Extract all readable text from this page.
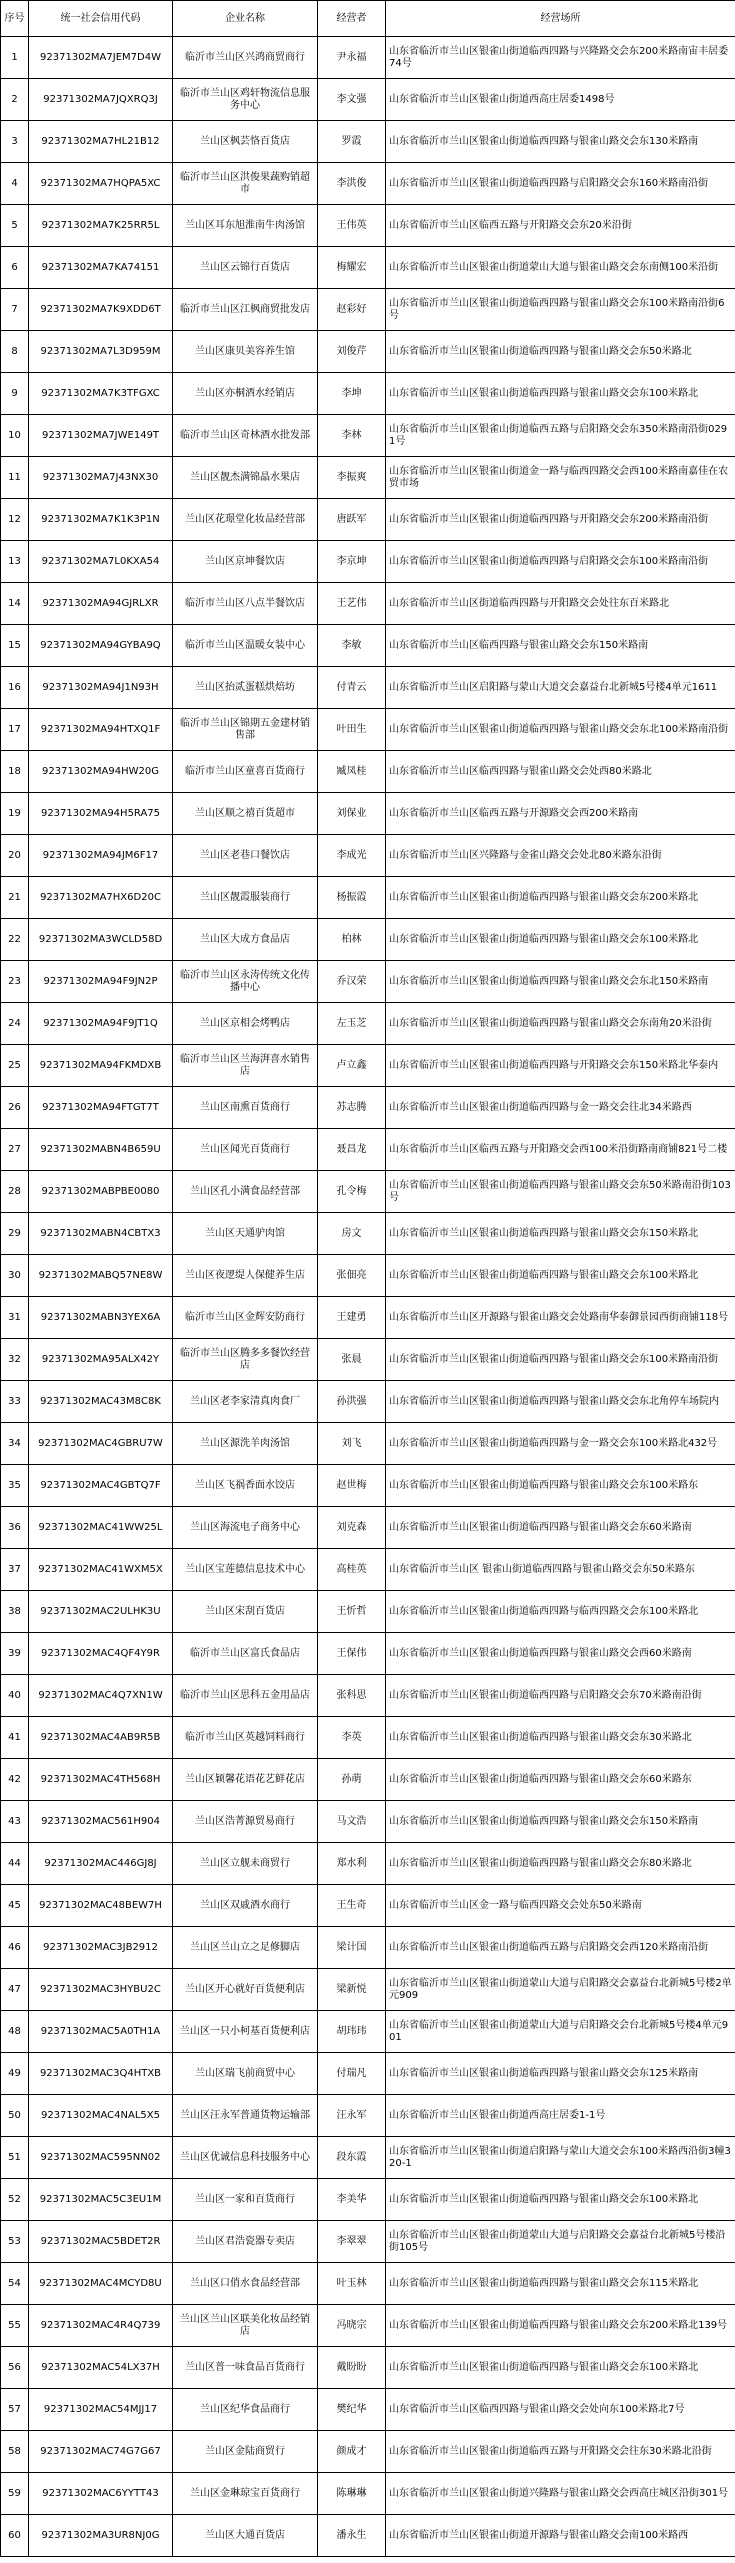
序号	统一社会信用代码	企业名称	经营者	经营场所
1	92371302MA7JEM7D4W	临沂市兰山区兴鸿商贸商行	尹永福	山东省临沂市兰山区银雀山街道临西四路与兴隆路交会东200米路南宙丰居委74号
2	92371302MA7JQXRQ3J	临沂市兰山区鸡轩物流信息服务中心	李文强	山东省临沂市兰山区银雀山街道西高庄居委1498号
3	92371302MA7HL21B12	兰山区枫芸恪百货店	罗霞	山东省临沂市兰山区银雀山街道临西四路与银雀山路交会东130米路南
4	92371302MA7HQPA5XC	临沂市兰山区洪俊果蔬购销超市	李洪俊	山东省临沂市兰山区银雀山街道临西四路与启阳路交会东160米路南沿街
5	92371302MA7K25RR5L	兰山区耳东旭淮南牛肉汤馆	王伟英	山东省临沂市兰山区临西五路与开阳路交会东20米沿街
6	92371302MA7KA74151	兰山区云锦行百货店	梅耀宏	山东省临沂市兰山区银雀山街道蒙山大道与银雀山路交会东南侧100米沿街
7	92371302MA7K9XDD6T	临沂市兰山区江枫商贸批发店	赵彩好	山东省临沂市兰山区银雀山街道临西四路与银雀山路交会东100米路南沿街6号
8	92371302MA7L3D959M	兰山区康贝美容养生馆	刘俊芹	山东省临沂市兰山区银雀山街道临西四路与银雀山路交会东50米路北
9	92371302MA7K3TFGXC	兰山区亦桐酒水经销店	李坤	山东省临沂市兰山区银雀山街道临西四路与银雀山路交会东100米路北
10	92371302MA7JWE149T	临沂市兰山区奇林酒水批发部	李林	山东省临沂市兰山区银雀山街道临西五路与启阳路交会东350米路南沿街0291号
11	92371302MA7J43NX30	兰山区靓杰满锦晶水果店	李振爽	山东省临沂市兰山区银雀山街道金一路与临西四路交会西100米路南嘉佳在农贸市场
12	92371302MA7K1K3P1N	兰山区花璟堂化妆品经营部	唐跃军	山东省临沂市兰山区银雀山街道临西四路与开阳路交会东200米路南沿街
13	92371302MA7L0KXA54	兰山区京坤餐饮店	李京坤	山东省临沂市兰山区银雀山街道临西四路与启阳路交会东100米路南沿街
14	92371302MA94GJRLXR	临沂市兰山区八点半餐饮店	王艺伟	山东省临沂市兰山区街道临西四路与开阳路交会处往东百米路北
15	92371302MA94GYBA9Q	临沂市兰山区温暖女装中心	李敏	山东省临沂市兰山区临西四路与银雀山路交会东150米路南
16	92371302MA94J1N93H	兰山区抬贰蛋糕烘焙坊	付青云	山东省临沂市兰山区启阳路与蒙山大道交会嘉益台北新城5号楼4单元1611
17	92371302MA94HTXQ1F	临沂市兰山区锦期五金建材销售部	叶田生	山东省临沂市兰山区银雀山街道临西四路与银雀山路交会东北100米路南沿街
18	92371302MA94HW20G	临沂市兰山区童喜百货商行	臧凤桂	山东省临沂市兰山区临西四路与银雀山路交会处西80米路北
19	92371302MA94H5RA75	兰山区顺之禧百货超市	刘保业	山东省临沂市兰山区临西五路与开源路交会西200米路南
20	92371302MA94JM6F17	兰山区老巷口餐饮店	李成光	山东省临沂市兰山区兴隆路与金雀山路交会处北80米路东沿街
21	92371302MA7HX6D20C	兰山区靓霞服装商行	杨振霞	山东省临沂市兰山区银雀山街道临西四路与银雀山路交会东200米路北
22	92371302MA3WCLD58D	兰山区大成方食品店	柏林	山东省临沂市兰山区银雀山街道临西四路与银雀山路交会东100米路北
23	92371302MA94F9JN2P	临沂市兰山区永涛传统文化传播中心	乔汉荣	山东省临沂市兰山区银雀山街道临西四路与银雀山路交会东北150米路南
24	92371302MA94F9JT1Q	兰山区京相会烤鸭店	左玉芝	山东省临沂市兰山区银雀山街道临西四路与银雀山路交会东南角20米沿街
25	92371302MA94FKMDXB	临沂市兰山区兰海湃喜水销售店	卢立鑫	山东省临沂市兰山区银雀山街道临西四路与开阳路交会东150米路北华泰内
26	92371302MA94FTGT7T	兰山区南熏百货商行	苏志腾	山东省临沂市兰山区银雀山街道临西四路与金一路交会往北34米路西
27	92371302MABN4B659U	兰山区闻光百货商行	聂昌龙	山东省临沂市兰山区临西五路与开阳路交会西100米沿街路南商铺821号二楼
28	92371302MABPBE0080	兰山区孔小满食品经营部	孔令梅	山东省临沂市兰山区银雀山街道临西四路与银雀山路交会东50米路南沿街103号
29	92371302MABN4CBTX3	兰山区天通驴肉馆	房文	山东省临沂市兰山区银雀山街道临西四路与银雀山路交会东150米路北
30	92371302MABQ57NE8W	兰山区夜逻缇人保健养生店	张佃亮	山东省临沂市兰山区银雀山街道临西四路与银雀山路交会东100米路北
31	92371302MABN3YEX6A	临沂市兰山区金辉安防商行	王建勇	山东省临沂市兰山区开源路与银雀山路交会处路南华泰御景园西街商铺118号
32	92371302MA95ALX42Y	临沂市兰山区腾多多餐饮经营店	张晨	山东省临沂市兰山区银雀山街道临西四路与银雀山路交会东100米路南沿街
33	92371302MAC43M8C8K	兰山区老李家清真肉食厂	孙洪强	山东省临沂市兰山区银雀山街道临西四路与银雀山路交会东北角停车场院内
34	92371302MAC4GBRU7W	兰山区源洗羊肉汤馆	刘飞	山东省临沂市兰山区银雀山街道临西四路与金一路交会东100米路北432号
35	92371302MAC4GBTQ7F	兰山区飞祸香面水饺店	赵世梅	山东省临沂市兰山区银雀山街道临西四路与银雀山路交会东100米路东
36	92371302MAC41WW25L	兰山区海流电子商务中心	刘克森	山东省临沂市兰山区银雀山街道临西四路与银雀山路交会东60米路南
37	92371302MAC41WXM5X	兰山区宝莲德信息技术中心	高桂英	山东省临沂市兰山区 银雀山街道临西四路与银雀山路交会东50米路东
38	92371302MAC2ULHK3U	兰山区宋刮百货店	王忻哲	山东省临沂市兰山区银雀山街道临西四路与临西四路交会东100米路北
39	92371302MAC4QF4Y9R	临沂市兰山区富氏食品店	王保伟	山东省临沂市兰山区银雀山街道临西四路与银雀山路交会西60米路南
40	92371302MAC4Q7XN1W	临沂市兰山区思科五金用品店	张科思	山东省临沂市兰山区银雀山街道临西四路与启阳路交会东70米路南沿街
41	92371302MAC4AB9R5B	临沂市兰山区英越饲料商行	李英	山东省临沂市兰山区银雀山街道临西四路与银雀山路交会东30米路北
42	92371302MAC4TH568H	兰山区颖馨花语花艺鲜花店	孙萌	山东省临沂市兰山区银雀山街道临西四路与银雀山路交会东60米路东
43	92371302MAC561H904	兰山区浩菁源贸易商行	马文浩	山东省临沂市兰山区银雀山街道临西四路与银雀山路交会东150米路南
44	92371302MAC446GJ8J	兰山区立舰未商贸行	郑水利	山东省临沂市兰山区银雀山街道临西四路与银雀山路交会东80米路北
45	92371302MAC48BEW7H	兰山区双戚酒水商行	王生奇	山东省临沂市兰山区金一路与临西四路交会处东50米路南
46	92371302MAC3JB2912	兰山区兰山立之足修脚店	梁计国	山东省临沂市兰山区银雀山街道临西五路与启阳路交会西120米路南沿街
47	92371302MAC3HYBU2C	兰山区开心就好百货便利店	梁新悦	山东省临沂市兰山区银雀山街道蒙山大道与启阳路交会嘉益台北新城5号楼2单元909
48	92371302MAC5A0TH1A	兰山区一只小柯基百货便利店	胡玮玮	山东省临沂市兰山区银雀山街道蒙山大道与启阳路交会台北新城5号楼4单元901
49	92371302MAC3Q4HTXB	兰山区瑞飞前商贸中心	付瑞凡	山东省临沂市兰山区银雀山街道临西四路与银雀山路交会东125米路南
50	92371302MAC4NAL5X5	兰山区汪永军普通货物运输部	汪永军	山东省临沂市兰山区银雀山街道西高庄居委1-1号
51	92371302MAC595NN02	兰山区优诚信息科技服务中心	段东霞	山东省临沂市兰山区银雀山街道启阳路与蒙山大道交会东100米路西沿街3幢320-1
52	92371302MAC5C3EU1M	兰山区一家和百货商行	李美华	山东省临沂市兰山区银雀山街道临西四路与银雀山路交会东100米路北
53	92371302MAC5BDET2R	兰山区君浩瓷器专卖店	李翠翠	山东省临沂市兰山区银雀山街道蒙山大道与启阳路交会嘉益台北新城5号楼沿街105号
54	92371302MAC4MCYD8U	兰山区口俏水食品经营部	叶玉林	山东省临沂市兰山区银雀山街道临西四路与银雀山路交会东115米路北
55	92371302MAC4R4Q739	兰山区兰山区联美化妆品经销店	冯晓宗	山东省临沂市兰山区银雀山街道临西四路与银雀山路交会东200米路北139号
56	92371302MAC54LX37H	兰山区普一味食品百货商行	戴盼盼	山东省临沂市兰山区银雀山街道临西四路与银雀山路交会东100米路北
57	92371302MAC54MJJ17	兰山区纪华食品商行	樊纪华	山东省临沂市兰山区临西四路与银雀山路交会处向东100米路北7号
58	92371302MAC74G7G67	兰山区金陆商贸行	颜成才	山东省临沂市兰山区银雀山街道临西五路与开阳路交会往东30米路北沿街
59	92371302MAC6YYTT43	兰山区金琳琼宝百货商行	陈琳琳	山东省临沂市兰山区银雀山街道兴隆路与银雀山路交会西高庄城区沿街301号
60	92371302MA3UR8NJ0G	兰山区大通百货店	潘永生	山东省临沂市兰山区银雀山街道开源路与银雀山路交会南100米路西
